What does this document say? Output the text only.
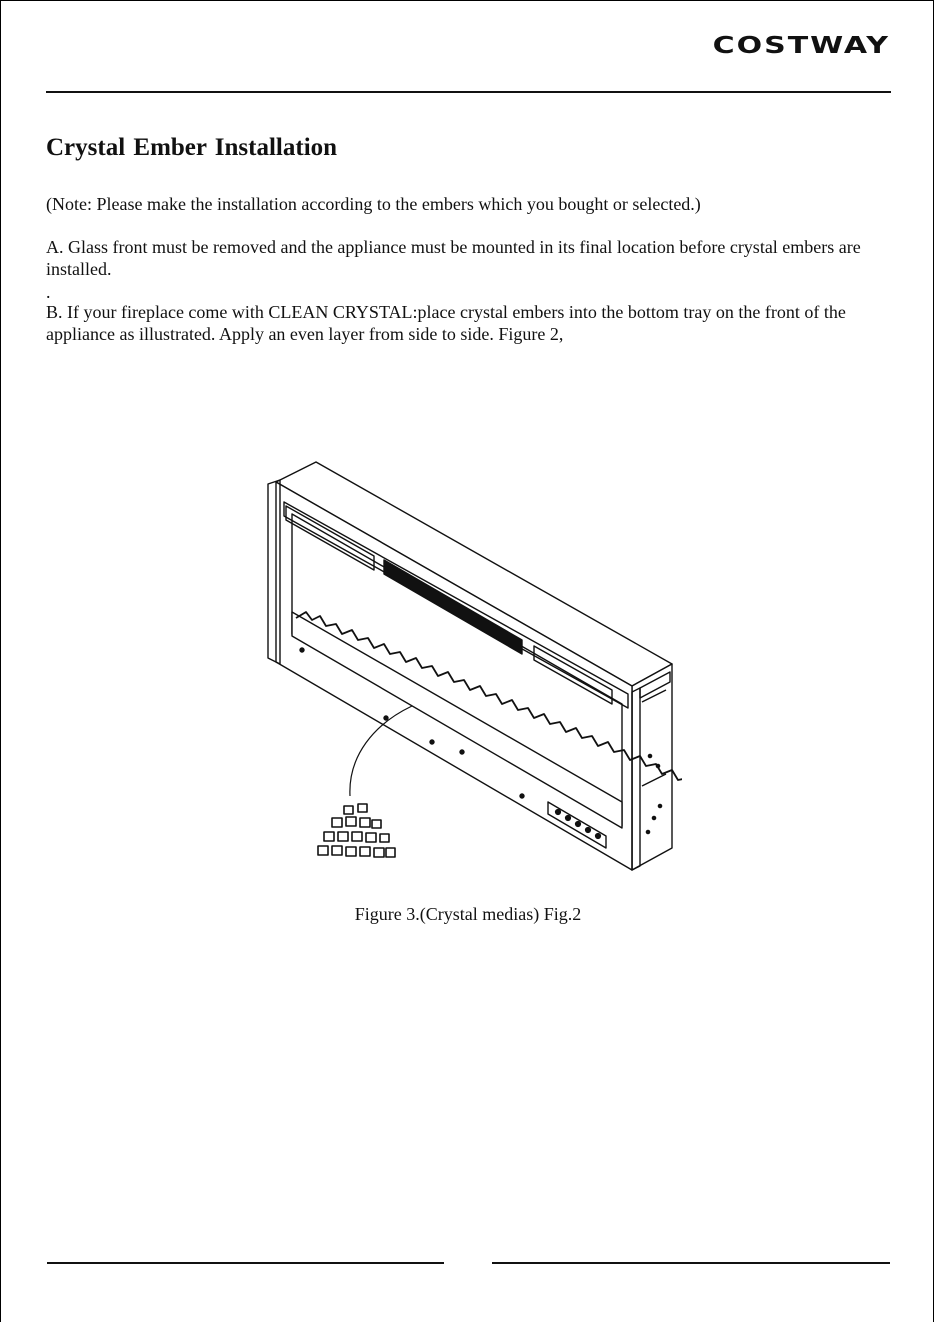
COSTWAY
Crystal Ember Installation

(Note: Please make the installation according to the embers which you bought or selected.)

A. Glass front must be removed and the appliance must be mounted in its final location before crystal embers are installed.

.

B. If your fireplace come with CLEAN CRYSTAL:place crystal embers into the bottom tray on the front of the appliance as illustrated. Apply an even layer from side to side. Figure 2,

Figure 3.(Crystal medias) Fig.2
